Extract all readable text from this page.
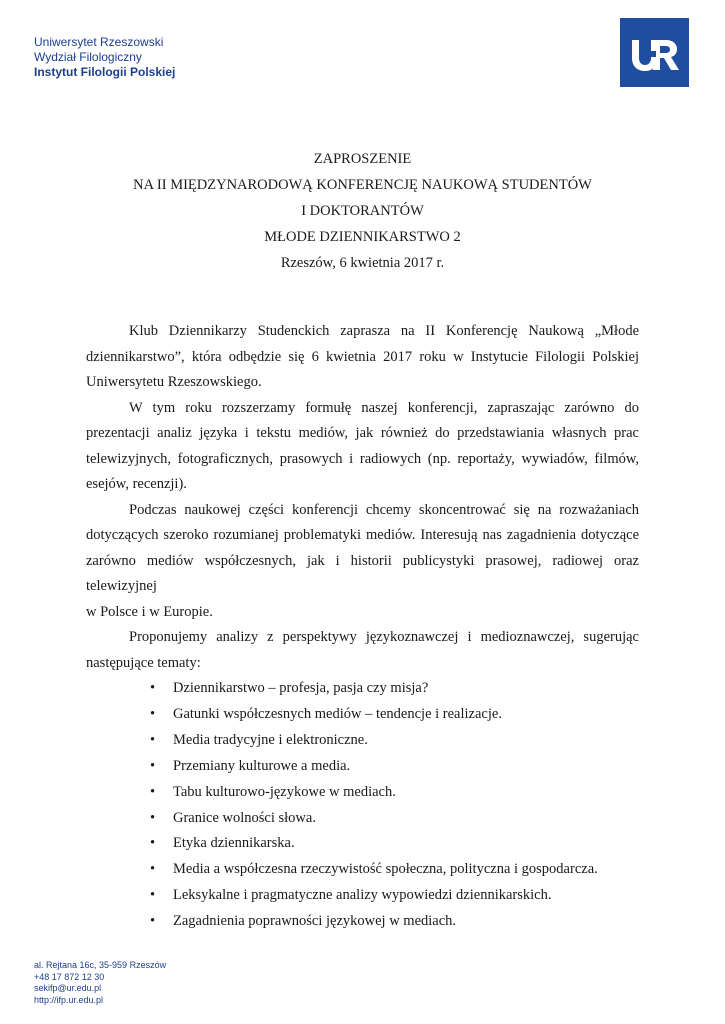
Uniwersytet Rzeszowski
Wydział Filologiczny
Instytut Filologii Polskiej
ZAPROSZENIE
NA II MIĘDZYNARODOWĄ KONFERENCJĘ NAUKOWĄ STUDENTÓW
I DOKTORANTÓW
MŁODE DZIENNIKARSTWO 2
Rzeszów, 6 kwietnia 2017 r.

Klub Dziennikarzy Studenckich zaprasza na II Konferencję Naukową „Młode dziennikarstwo”, która odbędzie się 6 kwietnia 2017 roku w Instytucie Filologii Polskiej Uniwersytetu Rzeszowskiego.

W tym roku rozszerzamy formułę naszej konferencji, zapraszając zarówno do prezentacji analiz języka i tekstu mediów, jak również do przedstawiania własnych prac telewizyjnych, fotograficznych, prasowych i radiowych (np. reportaży, wywiadów, filmów, esejów, recenzji).

Podczas naukowej części konferencji chcemy skoncentrować się na rozważaniach dotyczących szeroko rozumianej problematyki mediów. Interesują nas zagadnienia dotyczące zarówno mediów współczesnych, jak i historii publicystyki prasowej, radiowej oraz

telewizyjnej

w Polsce i w Europie.

Proponujemy analizy z perspektywy językoznawczej i medioznawczej, sugerując następujące tematy:

• Dziennikarstwo – profesja, pasja czy misja?
• Gatunki współczesnych mediów – tendencje i realizacje.
• Media tradycyjne i elektroniczne.
• Przemiany kulturowe a media.
• Tabu kulturowo-językowe w mediach.
• Granice wolności słowa.
• Etyka dziennikarska.
• Media a współczesna rzeczywistość społeczna, polityczna i gospodarcza.
• Leksykalne i pragmatyczne analizy wypowiedzi dziennikarskich.
• Zagadnienia poprawności językowej w mediach.
al. Rejtana 16c, 35-959 Rzeszów
+48 17 872 12 30
sekifp@ur.edu.pl
http://ifp.ur.edu.pl
